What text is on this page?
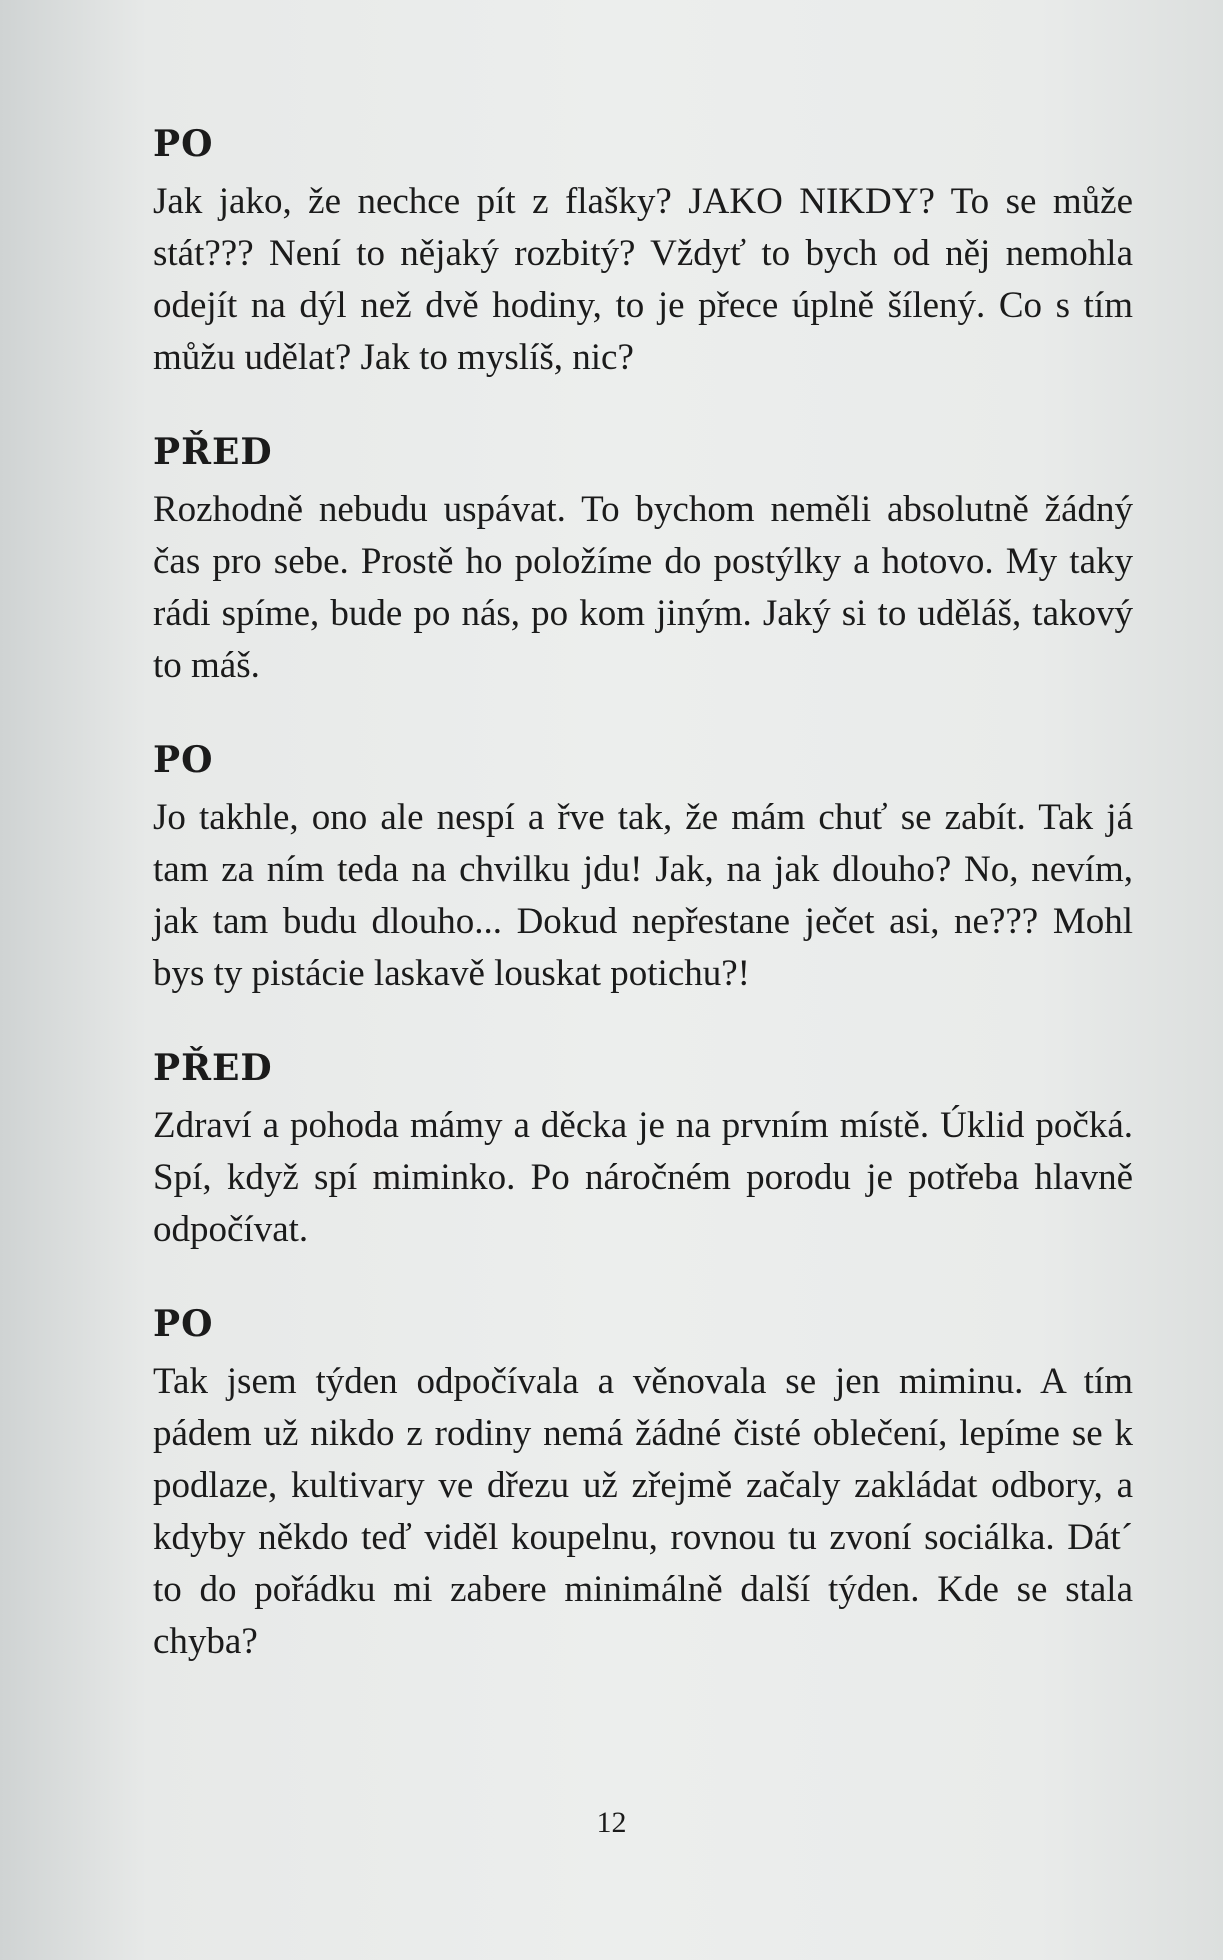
PO

Jak jako, že nechce pít z flašky? JAKO NIKDY? To se může stát??? Není to nějaký rozbitý? Vždyť to bych od něj nemohla odejít na dýl než dvě hodiny, to je přece úplně šílený. Co s tím můžu udělat? Jak to myslíš, nic?

PŘED

Rozhodně nebudu uspávat. To bychom neměli absolutně žádný čas pro sebe. Prostě ho položíme do postýlky a hotovo. My taky rádi spíme, bude po nás, po kom jiným. Jaký si to uděláš, takový to máš.

PO

Jo takhle, ono ale nespí a řve tak, že mám chuť se zabít. Tak já tam za ním teda na chvilku jdu! Jak, na jak dlouho? No, nevím, jak tam budu dlouho... Dokud nepřestane ječet asi, ne??? Mohl bys ty pistácie laskavě louskat potichu?!

PŘED

Zdraví a pohoda mámy a děcka je na prvním místě. Úklid počká. Spí, když spí miminko. Po náročném porodu je potřeba hlavně odpočívat.

PO

Tak jsem týden odpočívala a věnovala se jen miminu. A tím pádem už nikdo z rodiny nemá žádné čisté oblečení, lepíme se k podlaze, kultivary ve dřezu už zřejmě začaly zakládat odbory, a kdyby někdo teď viděl koupelnu, rovnou tu zvoní sociálka. Dát´ to do pořádku mi zabere minimálně další týden. Kde se stala chyba?

12
